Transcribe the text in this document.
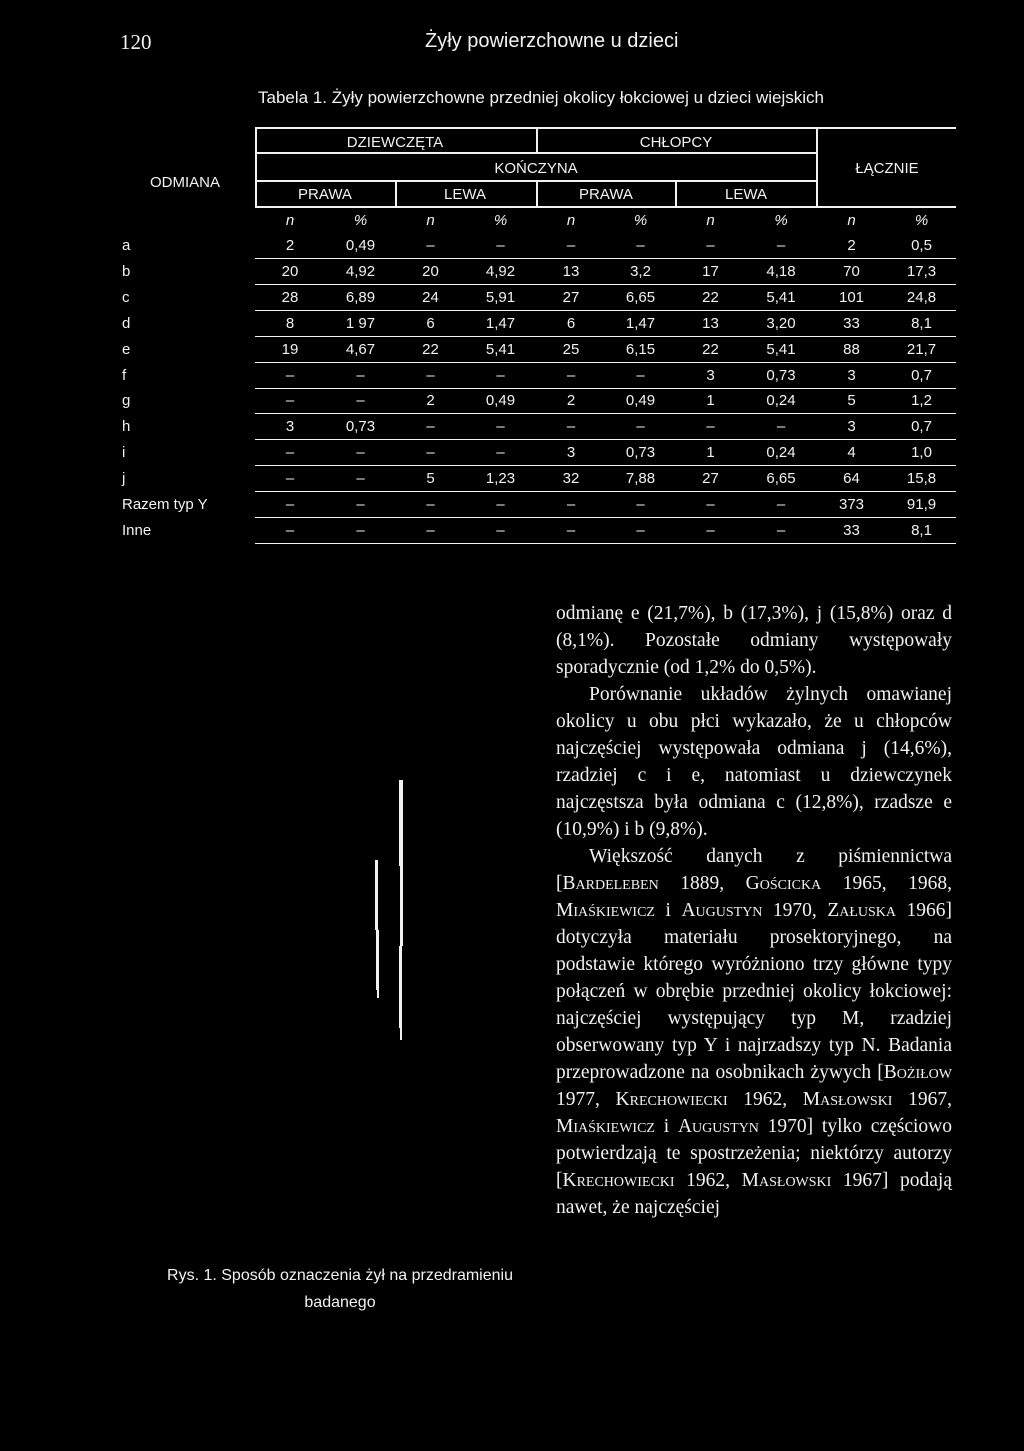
120	Żyły powierzchowne u dzieci
Tabela 1. Żyły powierzchowne przedniej okolicy łokciowej u dzieci wiejskich
ODMIANA
DZIEWCZĘTA	CHŁOPCY
KOŃCZYNA	ŁĄCZNIE
PRAWA	LEWA	PRAWA	LEWA
n	%	n	%	n	%	n	%	n	%
a	2	0,49	–	–	–	–	–	–	2	0,5
b	20	4,92	20	4,92	13	3,2	17	4,18	70	17,3
c	28	6,89	24	5,91	27	6,65	22	5,41	101	24,8
d	8	1 97	6	1,47	6	1,47	13	3,20	33	8,1
e	19	4,67	22	5,41	25	6,15	22	5,41	88	21,7
f	–	–	–	–	–	–	3	0,73	3	0,7
g	–	–	2	0,49	2	0,49	1	0,24	5	1,2
h	3	0,73	–	–	–	–	–	–	3	0,7
i	–	–	–	–	3	0,73	1	0,24	4	1,0
j	–	–	5	1,23	32	7,88	27	6,65	64	15,8
Razem typ Y	–	–	–	–	–	–	–	–	373	91,9
Inne	–	–	–	–	–	–	–	–	33	8,1
Rys. 1. Sposób oznaczenia żył na przedramieniu
badanego

odmianę e (21,7%), b (17,3%), j (15,8%) oraz d (8,1%). Pozostałe odmiany występowały sporadycznie (od 1,2% do 0,5%).

Porównanie układów żylnych omawianej okolicy u obu płci wykazało, że u chłopców najczęściej występowała odmiana j (14,6%), rzadziej c i e, natomiast u dziewczynek najczęstsza była odmiana c (12,8%), rzadsze e (10,9%) i b (9,8%).

Większość danych z piśmiennictwa [Bardeleben 1889, Gościcka 1965, 1968, Miaśkiewicz i Augustyn 1970, Załuska 1966] dotyczyła materiału prosektoryjnego, na podstawie którego wyróżniono trzy główne typy połączeń w obrębie przedniej okolicy łokciowej: najczęściej występujący typ M, rzadziej obserwowany typ Y i najrzadszy typ N. Badania przeprowadzone na osobnikach żywych [Bożiłow 1977, Krechowiecki 1962, Masłowski 1967, Miaśkiewicz i Augustyn 1970] tylko częściowo potwierdzają te spostrzeżenia; niektórzy autorzy [Krechowiecki 1962, Masłowski 1967] podają nawet, że najczęściej
